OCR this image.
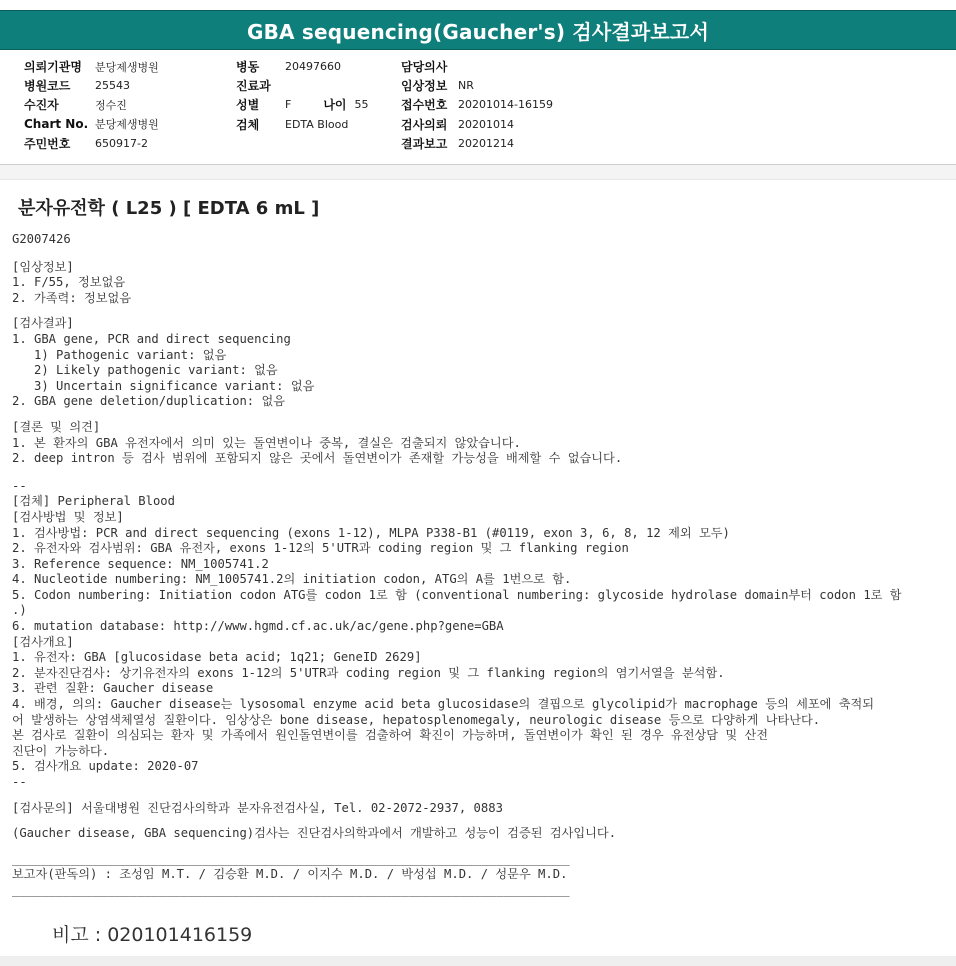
GBA sequencing(Gaucher's) 검사결과보고서
의뢰기관명	분당제생병원
병원코드	25543
수진자	정수진
Chart No. 분당제생병원
주민번호	650917-2
병동	20497660
진료과
성별	F	나이 55
검체	EDTA Blood
담당의사
임상정보 NR
접수번호 20201014-16159
검사의뢰 20201014
결과보고 20201214
분자유전학 ( L25 ) [ EDTA 6 mL ]
G2007426
[임상정보]
1. F/55, 정보없음
2. 가족력: 정보없음
[검사결과]
1. GBA gene, PCR and direct sequencing
1) Pathogenic variant: 없음
2) Likely pathogenic variant: 없음
3) Uncertain significance variant: 없음
2. GBA gene deletion/duplication: 없음
[결론 및 의견]
1. 본 환자의 GBA 유전자에서 의미 있는 돌연변이나 중복, 결실은 검출되지 않았습니다.
2. deep intron 등 검사 범위에 포함되지 않은 곳에서 돌연변이가 존재할 가능성을 배제할 수 없습니다.
--
[검체] Peripheral Blood
[검사방법 및 정보]
1. 검사방법: PCR and direct sequencing (exons 1-12), MLPA P338-B1 (#0119, exon 3, 6, 8, 12 제외 모두)
2. 유전자와 검사범위: GBA 유전자, exons 1-12의 5'UTR과 coding region 및 그 flanking region
3. Reference sequence: NM_1005741.2
4. Nucleotide numbering: NM_1005741.2의 initiation codon, ATG의 A를 1번으로 함.
5. Codon numbering: Initiation codon ATG를 codon 1로 함 (conventional numbering: glycoside hydrolase domain부터 codon 1로 함
.)
6. mutation database: http://www.hgmd.cf.ac.uk/ac/gene.php?gene=GBA
[검사개요]
1. 유전자: GBA [glucosidase beta acid; 1q21; GeneID 2629]
2. 분자진단검사: 상기유전자의 exons 1-12의 5'UTR과 coding region 및 그 flanking region의 염기서열을 분석함.
3. 관련 질환: Gaucher disease
4. 배경, 의의: Gaucher disease는 lysosomal enzyme acid beta glucosidase의 결핍으로 glycolipid가 macrophage 등의 세포에 축적되
어 발생하는 상염색체열성 질환이다. 임상상은 bone disease, hepatosplenomegaly, neurologic disease 등으로 다양하게 나타난다.
본 검사로 질환이 의심되는 환자 및 가족에서 원인돌연변이를 검출하여 확진이 가능하며, 돌연변이가 확인 된 경우 유전상담 및 산전
진단이 가능하다.
5. 검사개요 update: 2020-07
--
[검사문의] 서울대병원 진단검사의학과 분자유전검사실, Tel. 02-2072-2937, 0883
(Gaucher disease, GBA sequencing)검사는 진단검사의학과에서 개발하고 성능이 검증된 검사입니다.
____________________________________________________________________________
보고자(판독의) : 조성임 M.T. / 김승환 M.D. / 이지수 M.D. / 박성섭 M.D. / 성문우 M.D.
____________________________________________________________________________
비고 : 020101416159
